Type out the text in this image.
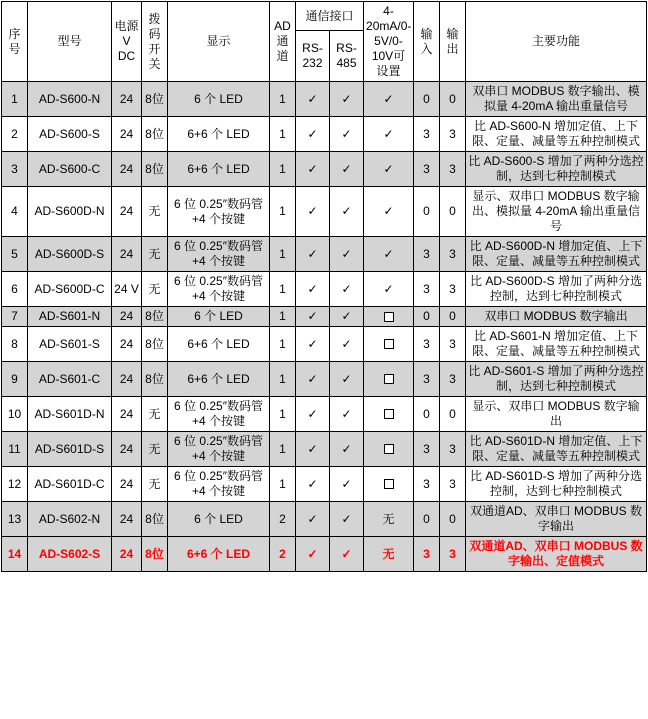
序号	型号	电源V DC	拨码开关	显示	AD通道	通信接口		4-20mA/0-5V/0-10V可设置	输入	输出	主要功能
						RS-232	RS-485				
1	AD-S600-N	24	8位	6 个 LED	1	✓	✓	✓	0	0	双串口 MODBUS 数字输出、模拟量 4-20mA 输出重量信号
2	AD-S600-S	24	8位	6+6 个 LED	1	✓	✓	✓	3	3	比 AD-S600-N 增加定值、上下限、定量、减量等五种控制模式
3	AD-S600-C	24	8位	6+6 个 LED	1	✓	✓	✓	3	3	比 AD-S600-S 增加了两种分选控制，达到七种控制模式
4	AD-S600D-N	24	无	6 位 0.25″数码管+4 个按键	1	✓	✓	✓	0	0	显示、双串口 MODBUS 数字输出、模拟量 4-20mA 输出重量信号
5	AD-S600D-S	24	无	6 位 0.25″数码管+4 个按键	1	✓	✓	✓	3	3	比 AD-S600D-N 增加定值、上下限、定量、减量等五种控制模式
6	AD-S600D-C	24 V	无	6 位 0.25″数码管+4 个按键	1	✓	✓	✓	3	3	比 AD-S600D-S 增加了两种分选控制，达到七种控制模式
7	AD-S601-N	24	8位	6 个 LED	1	✓	✓		0	0	双串口 MODBUS 数字输出
8	AD-S601-S	24	8位	6+6 个 LED	1	✓	✓		3	3	比 AD-S601-N 增加定值、上下限、定量、减量等五种控制模式
9	AD-S601-C	24	8位	6+6 个 LED	1	✓	✓		3	3	比 AD-S601-S 增加了两种分选控制，达到七种控制模式
10	AD-S601D-N	24	无	6 位 0.25″数码管+4 个按键	1	✓	✓		0	0	显示、双串口 MODBUS 数字输出
11	AD-S601D-S	24	无	6 位 0.25″数码管+4 个按键	1	✓	✓		3	3	比 AD-S601D-N 增加定值、上下限、定量、减量等五种控制模式
12	AD-S601D-C	24	无	6 位 0.25″数码管+4 个按键	1	✓	✓		3	3	比 AD-S601D-S 增加了两种分选控制，达到七种控制模式
13	AD-S602-N	24	8位	6 个 LED	2	✓	✓	无	0	0	双通道AD、双串口 MODBUS 数字输出
14	AD-S602-S	24	8位	6+6 个 LED	2	✓	✓	无	3	3	双通道AD、双串口 MODBUS 数字输出、定值模式
